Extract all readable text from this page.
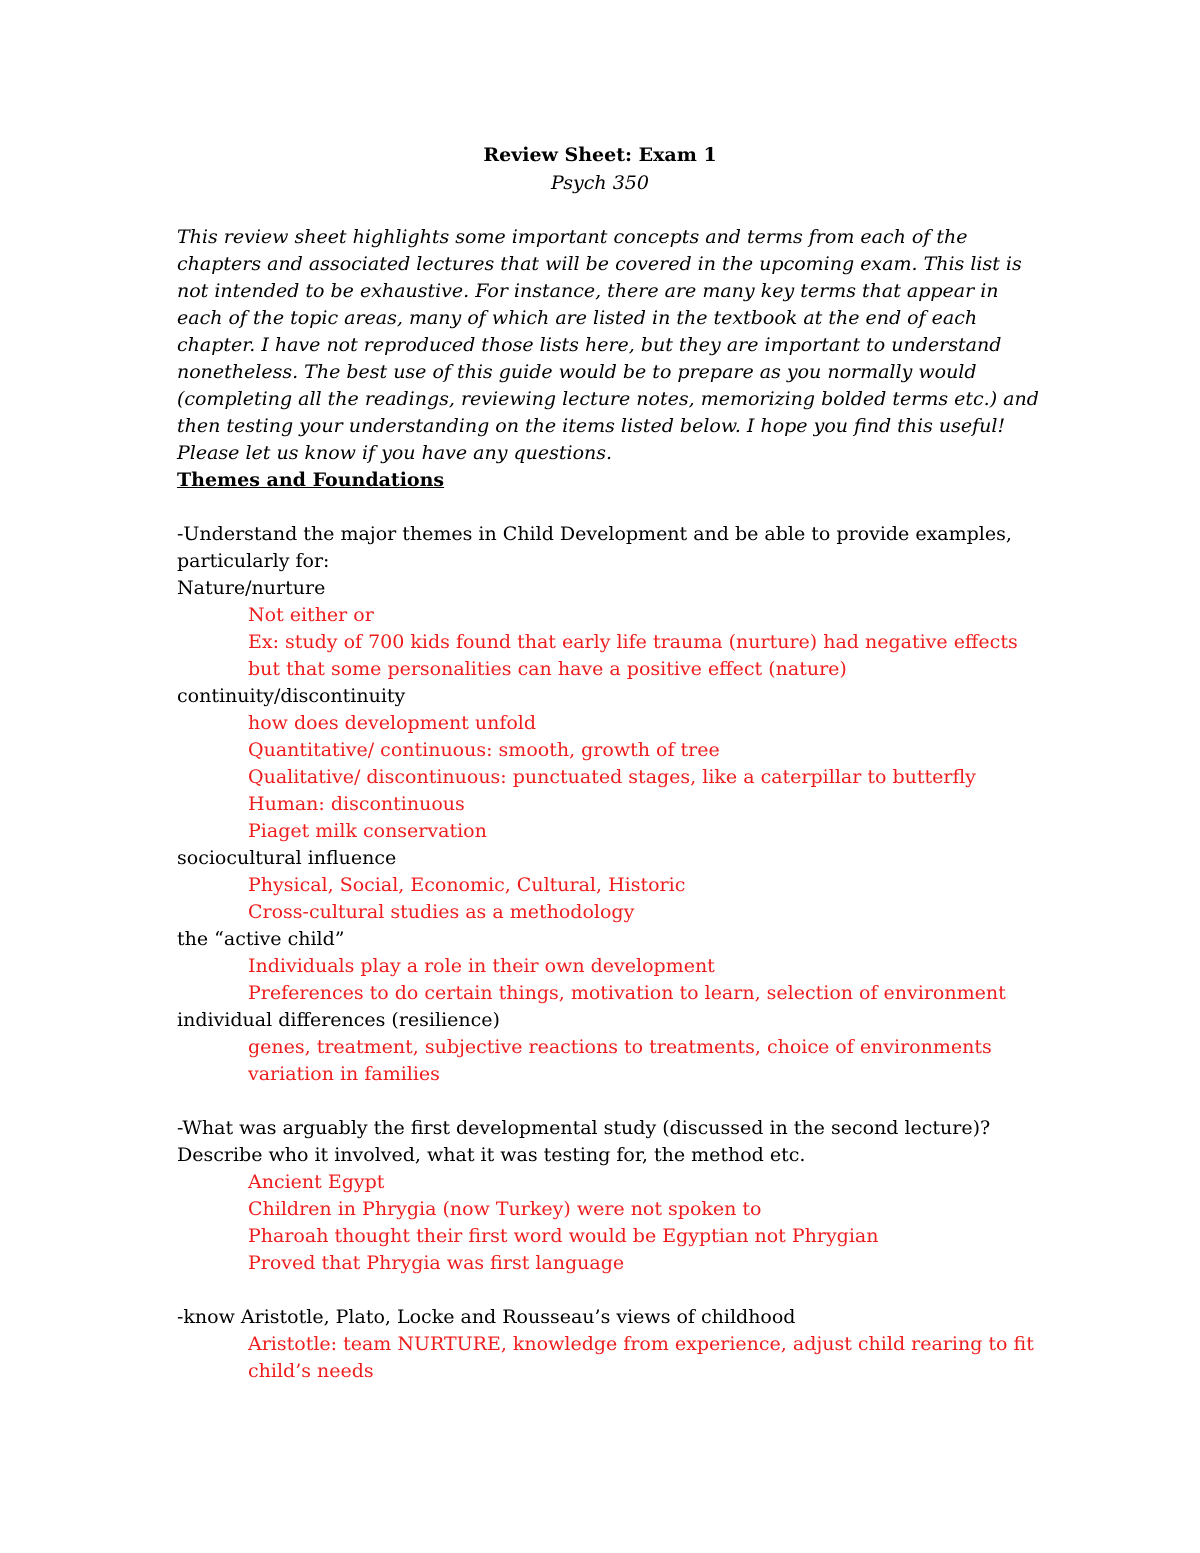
Review Sheet: Exam 1
Psych 350

This review sheet highlights some important concepts and terms from each of the chapters and associated lectures that will be covered in the upcoming exam. This list is not intended to be exhaustive. For instance, there are many key terms that appear in each of the topic areas, many of which are listed in the textbook at the end of each chapter. I have not reproduced those lists here, but they are important to understand nonetheless. The best use of this guide would be to prepare as you normally would (completing all the readings, reviewing lecture notes, memorizing bolded terms etc.) and then testing your understanding on the items listed below. I hope you find this useful! Please let us know if you have any questions.

Themes and Foundations
-Understand the major themes in Child Development and be able to provide examples,
particularly for:
Nature/nurture
Not either or
Ex: study of 700 kids found that early life trauma (nurture) had negative effects
but that some personalities can have a positive effect (nature)
continuity/discontinuity
how does development unfold
Quantitative/ continuous: smooth, growth of tree
Qualitative/ discontinuous: punctuated stages, like a caterpillar to butterfly
Human: discontinuous
Piaget milk conservation
sociocultural influence
Physical, Social, Economic, Cultural, Historic
Cross-cultural studies as a methodology
the “active child”
Individuals play a role in their own development
Preferences to do certain things, motivation to learn, selection of environment
individual differences (resilience)
genes, treatment, subjective reactions to treatments, choice of environments
variation in families
-What was arguably the first developmental study (discussed in the second lecture)?
Describe who it involved, what it was testing for, the method etc.
Ancient Egypt
Children in Phrygia (now Turkey) were not spoken to
Pharoah thought their first word would be Egyptian not Phrygian
Proved that Phrygia was first language
-know Aristotle, Plato, Locke and Rousseau’s views of childhood
Aristotle: team NURTURE, knowledge from experience, adjust child rearing to fit
child’s needs
